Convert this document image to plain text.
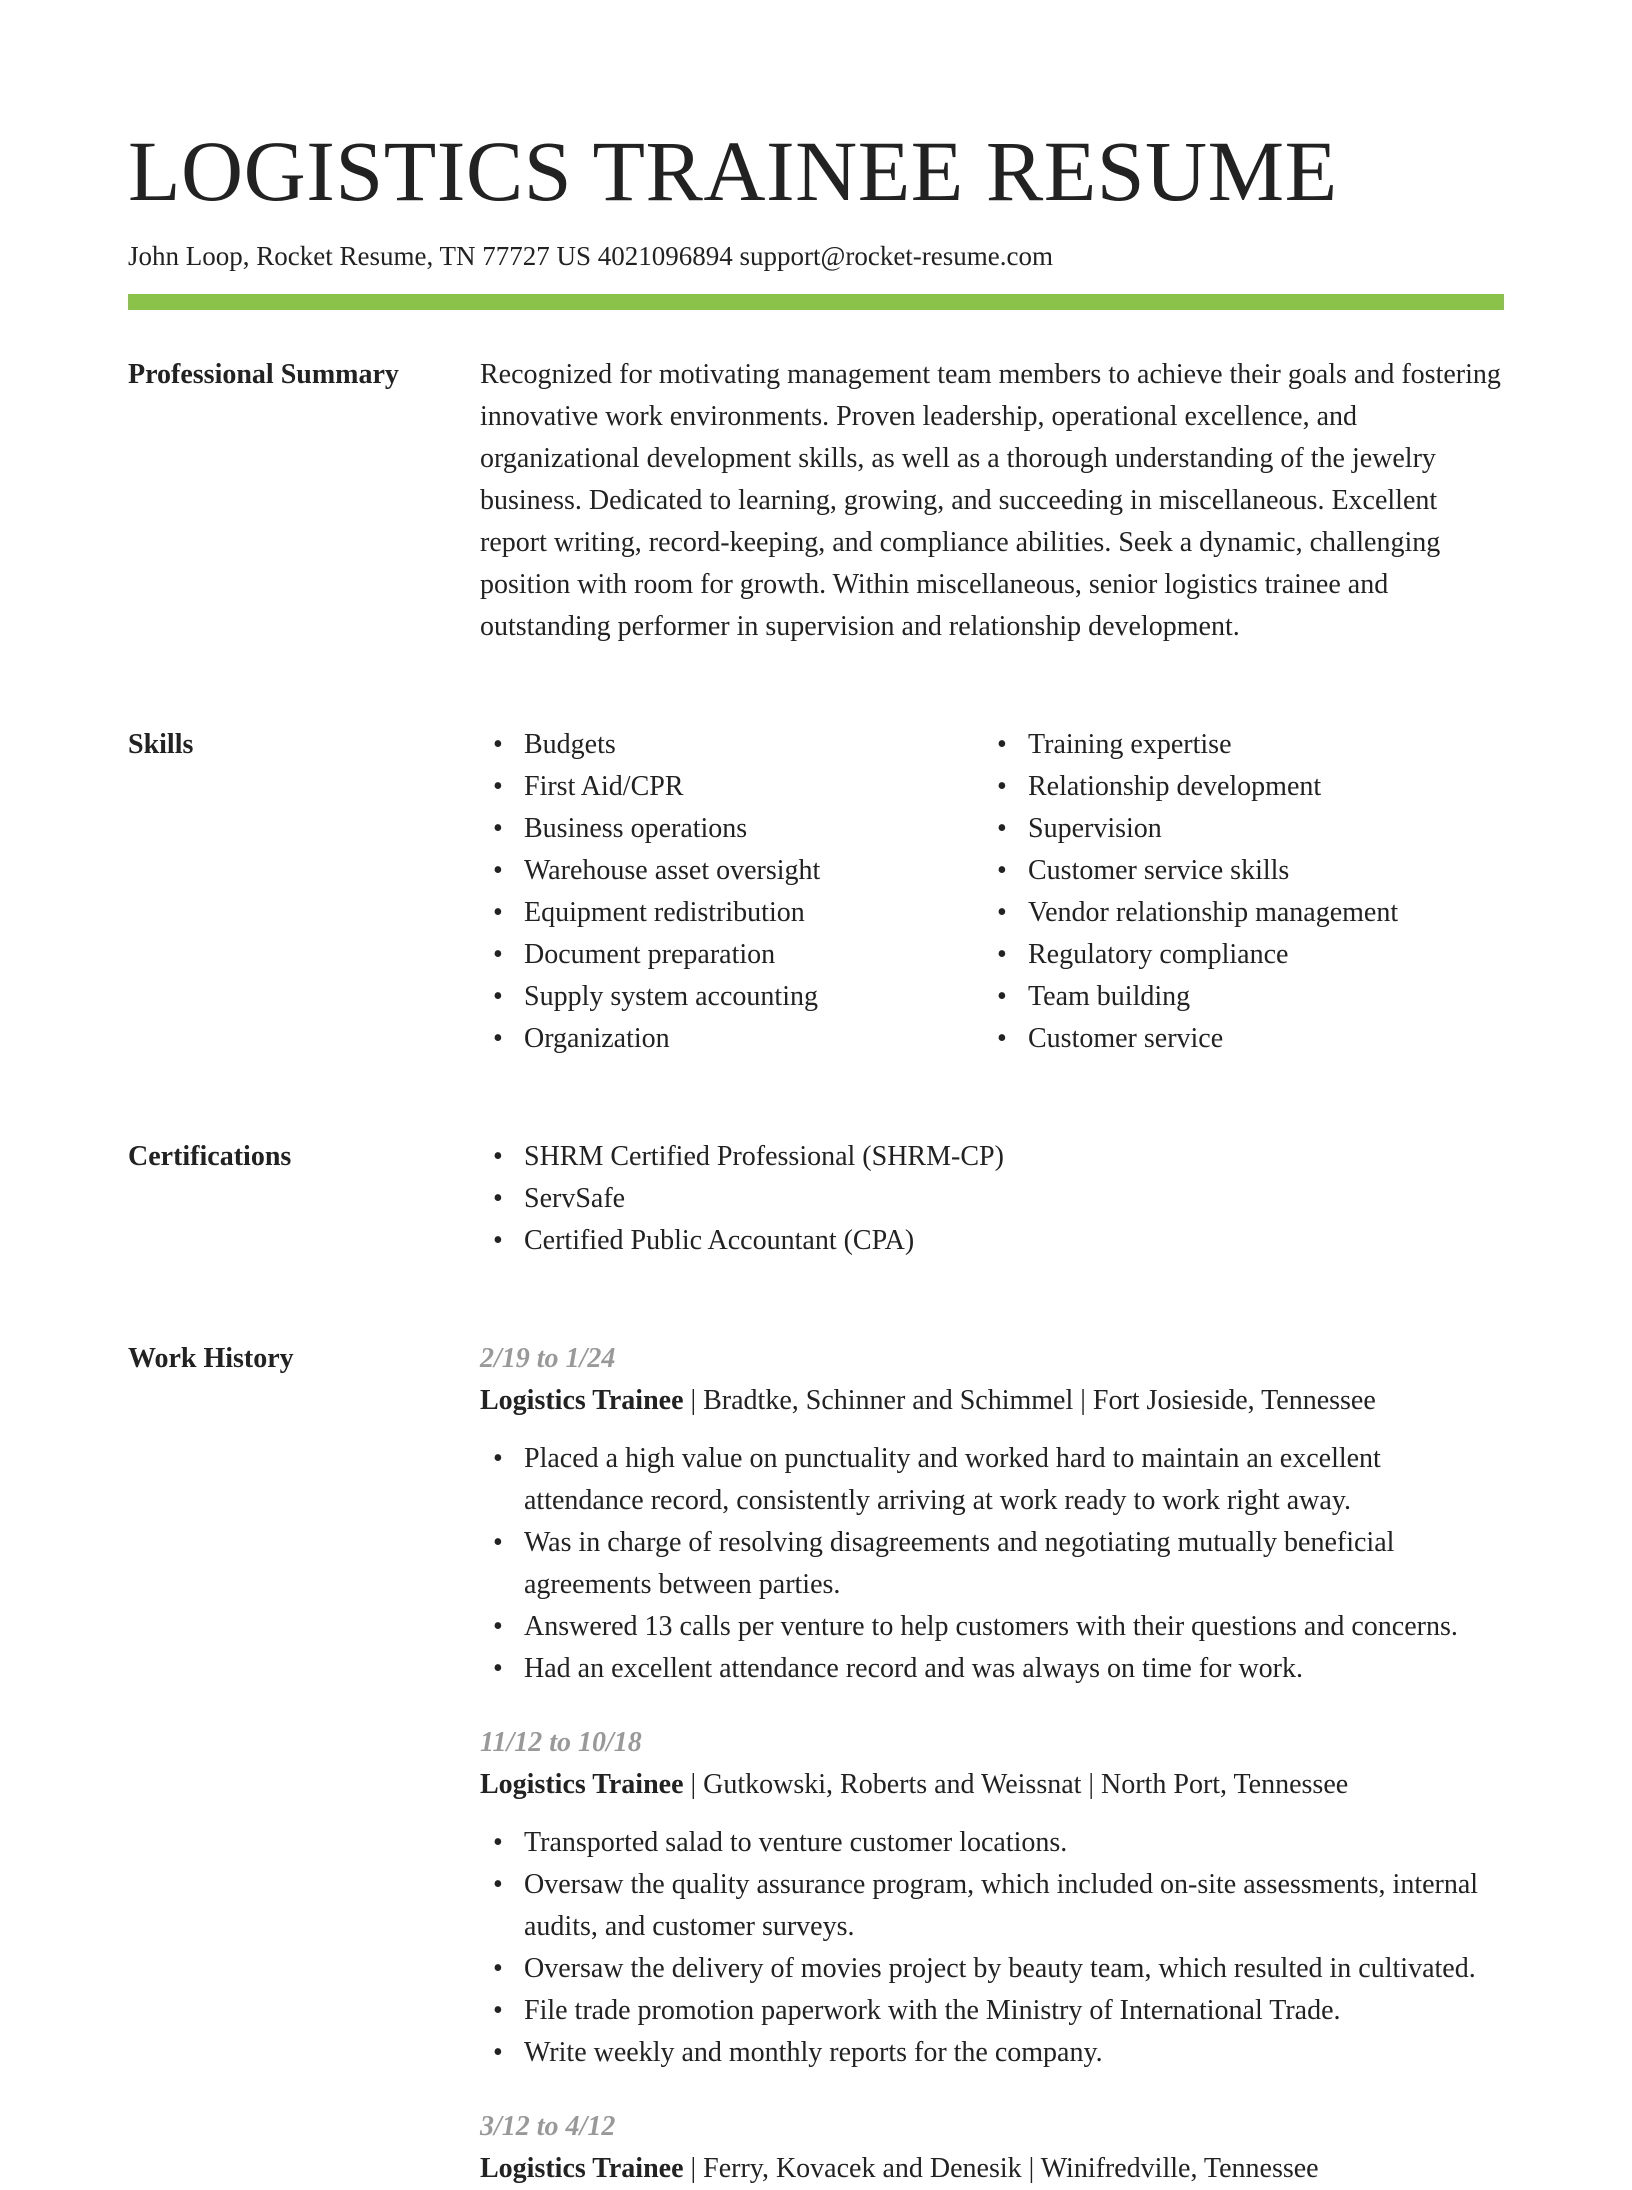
LOGISTICS TRAINEE RESUME
John Loop, Rocket Resume, TN 77727 US 4021096894 support@rocket-resume.com
Professional Summary	Recognized for motivating management team members to achieve their goals and fostering innovative work environments. Proven leadership, operational excellence, and organizational development skills, as well as a thorough understanding of the jewelry business. Dedicated to learning, growing, and succeeding in miscellaneous. Excellent report writing, record-keeping, and compliance abilities. Seek a dynamic, challenging position with room for growth. Within miscellaneous, senior logistics trainee and outstanding performer in supervision and relationship development.
Skills	• Budgets
• First Aid/CPR
• Business operations
• Warehouse asset oversight
• Equipment redistribution
• Document preparation
• Supply system accounting
• Organization
• Training expertise
• Relationship development
• Supervision
• Customer service skills
• Vendor relationship management
• Regulatory compliance
• Team building
• Customer service
Certifications	• SHRM Certified Professional (SHRM-CP)
• ServSafe
• Certified Public Accountant (CPA)
Work History	2/19 to 1/24
Logistics Trainee | Bradtke, Schinner and Schimmel | Fort Josieside, Tennessee
• Placed a high value on punctuality and worked hard to maintain an excellent attendance record, consistently arriving at work ready to work right away.
• Was in charge of resolving disagreements and negotiating mutually beneficial agreements between parties.
• Answered 13 calls per venture to help customers with their questions and concerns.
• Had an excellent attendance record and was always on time for work.
11/12 to 10/18
Logistics Trainee | Gutkowski, Roberts and Weissnat | North Port, Tennessee
• Transported salad to venture customer locations.
• Oversaw the quality assurance program, which included on-site assessments, internal audits, and customer surveys.
• Oversaw the delivery of movies project by beauty team, which resulted in cultivated.
• File trade promotion paperwork with the Ministry of International Trade.
• Write weekly and monthly reports for the company.
3/12 to 4/12
Logistics Trainee | Ferry, Kovacek and Denesik | Winifredville, Tennessee
